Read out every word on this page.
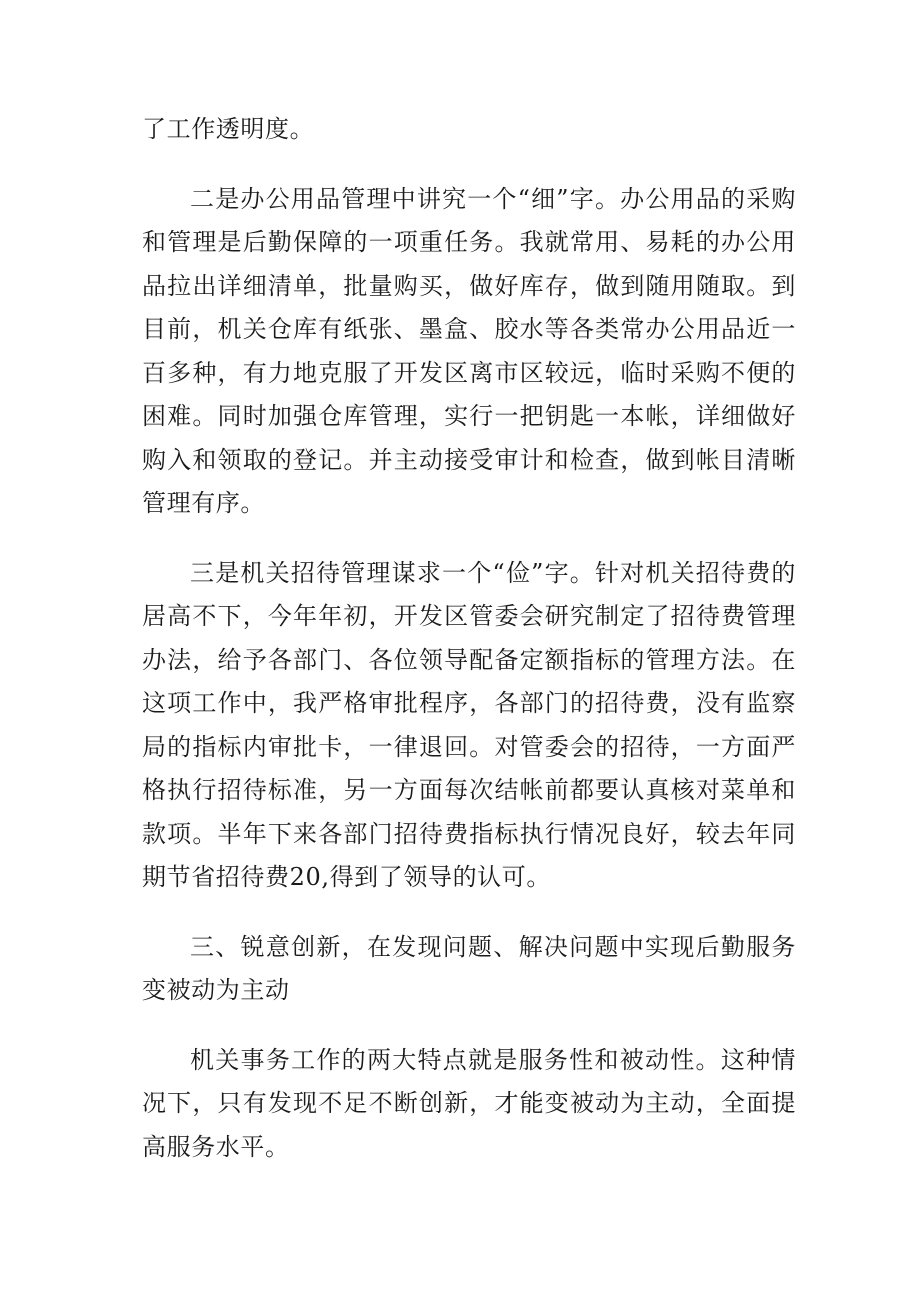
了工作透明度。

二是办公用品管理中讲究一个“细”字。办公用品的采购和管理是后勤保障的一项重任务。我就常用、易耗的办公用品拉出详细清单，批量购买，做好库存，做到随用随取。到目前，机关仓库有纸张、墨盒、胶水等各类常办公用品近一百多种，有力地克服了开发区离市区较远，临时采购不便的困难。同时加强仓库管理，实行一把钥匙一本帐，详细做好购入和领取的登记。并主动接受审计和检查，做到帐目清晰管理有序。

三是机关招待管理谋求一个“俭”字。针对机关招待费的居高不下，今年年初，开发区管委会研究制定了招待费管理办法，给予各部门、各位领导配备定额指标的管理方法。在这项工作中，我严格审批程序，各部门的招待费，没有监察局的指标内审批卡，一律退回。对管委会的招待，一方面严格执行招待标准，另一方面每次结帐前都要认真核对菜单和款项。半年下来各部门招待费指标执行情况良好，较去年同期节省招待费20,得到了领导的认可。

三、锐意创新，在发现问题、解决问题中实现后勤服务变被动为主动

机关事务工作的两大特点就是服务性和被动性。这种情况下，只有发现不足不断创新，才能变被动为主动，全面提高服务水平。
